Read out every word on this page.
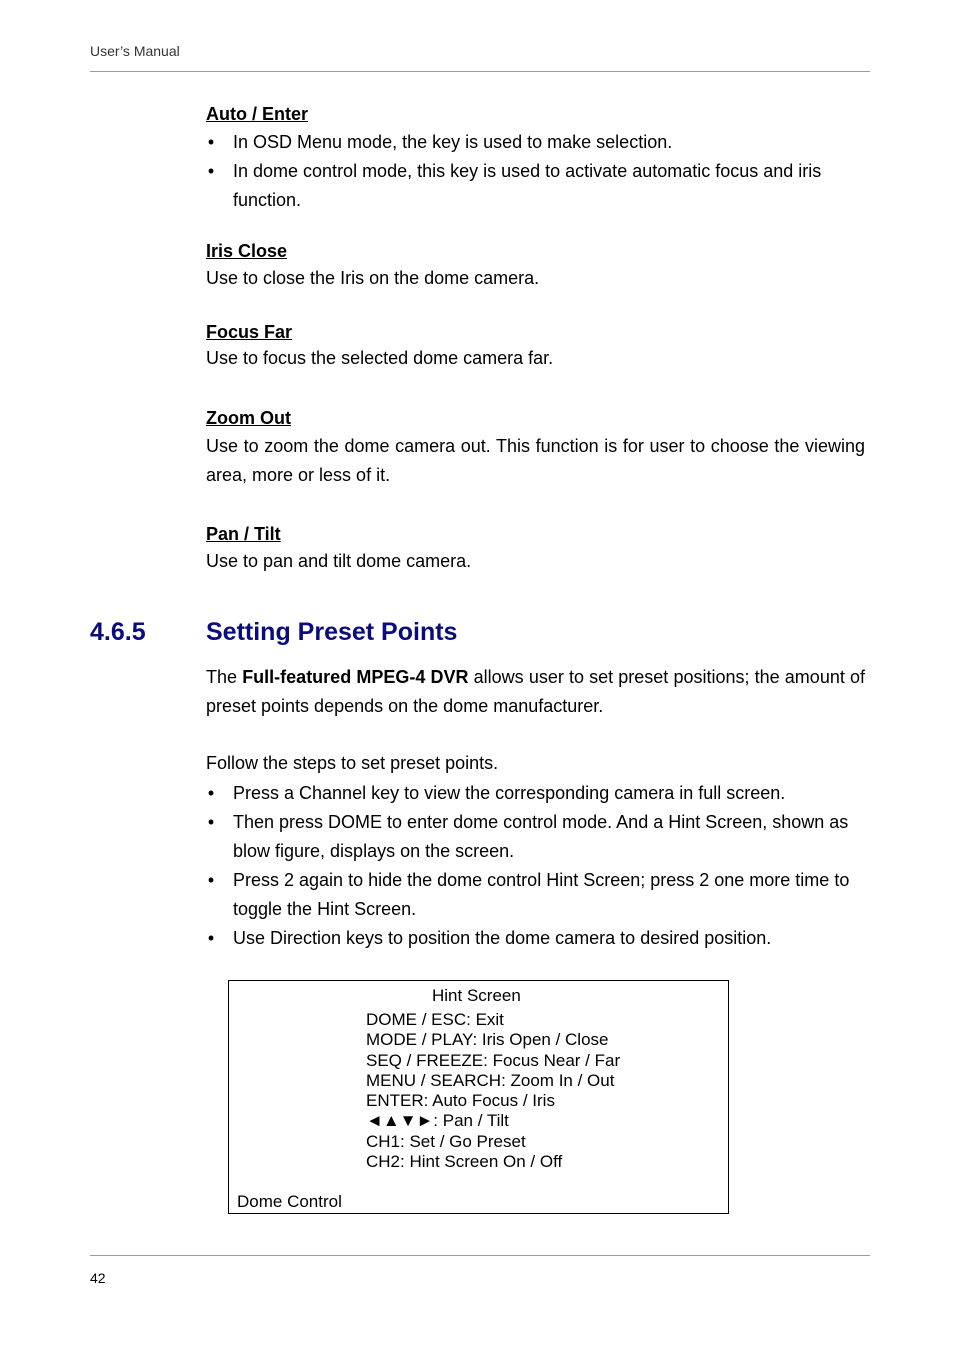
User’s Manual
Auto / Enter
• In OSD Menu mode, the key is used to make selection.
• In dome control mode, this key is used to activate automatic focus and iris function.
Iris Close

Use to close the Iris on the dome camera.

Focus Far

Use to focus the selected dome camera far.

Zoom Out

Use to zoom the dome camera out. This function is for user to choose the viewing area, more or less of it.

Pan / Tilt

Use to pan and tilt dome camera.

4.6.5 Setting Preset Points

The Full-featured MPEG-4 DVR allows user to set preset positions; the amount of preset points depends on the dome manufacturer.

Follow the steps to set preset points.

• Press a Channel key to view the corresponding camera in full screen.
• Then press DOME to enter dome control mode. And a Hint Screen, shown as blow figure, displays on the screen.
• Press 2 again to hide the dome control Hint Screen; press 2 one more time to toggle the Hint Screen.
• Use Direction keys to position the dome camera to desired position.
Hint Screen
DOME / ESC: Exit
MODE / PLAY: Iris Open / Close
SEQ / FREEZE: Focus Near / Far
MENU / SEARCH: Zoom In / Out
ENTER: Auto Focus / Iris
◄▲▼►: Pan / Tilt
CH1: Set / Go Preset
CH2: Hint Screen On / Off
Dome Control
42
